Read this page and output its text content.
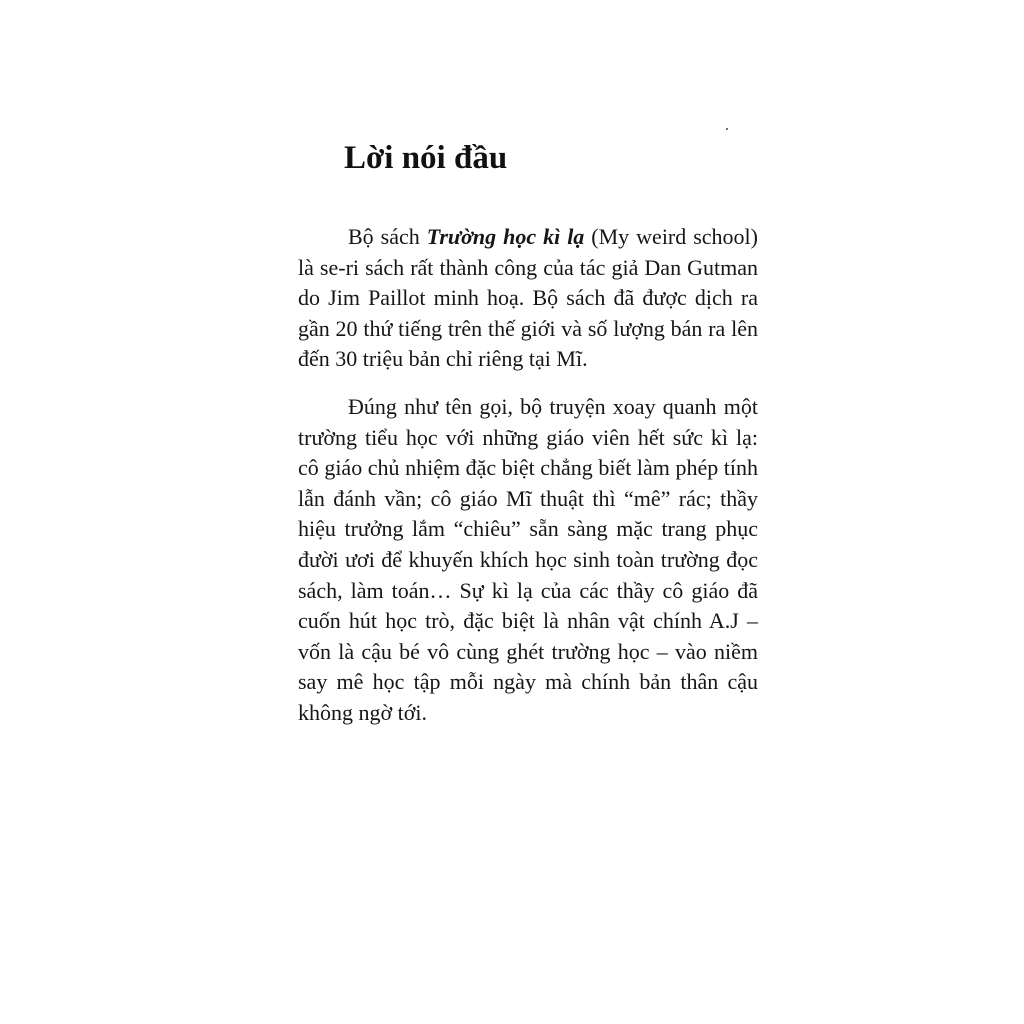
Lời nói đầu

Bộ sách Trường học kì lạ (My weird school) là se-ri sách rất thành công của tác giả Dan Gutman do Jim Paillot minh hoạ. Bộ sách đã được dịch ra gần 20 thứ tiếng trên thế giới và số lượng bán ra lên đến 30 triệu bản chỉ riêng tại Mĩ.

Đúng như tên gọi, bộ truyện xoay quanh một trường tiểu học với những giáo viên hết sức kì lạ: cô giáo chủ nhiệm đặc biệt chẳng biết làm phép tính lẫn đánh vần; cô giáo Mĩ thuật thì “mê” rác; thầy hiệu trưởng lắm “chiêu” sẵn sàng mặc trang phục đười ươi để khuyến khích học sinh toàn trường đọc sách, làm toán… Sự kì lạ của các thầy cô giáo đã cuốn hút học trò, đặc biệt là nhân vật chính A.J – vốn là cậu bé vô cùng ghét trường học – vào niềm say mê học tập mỗi ngày mà chính bản thân cậu không ngờ tới.
